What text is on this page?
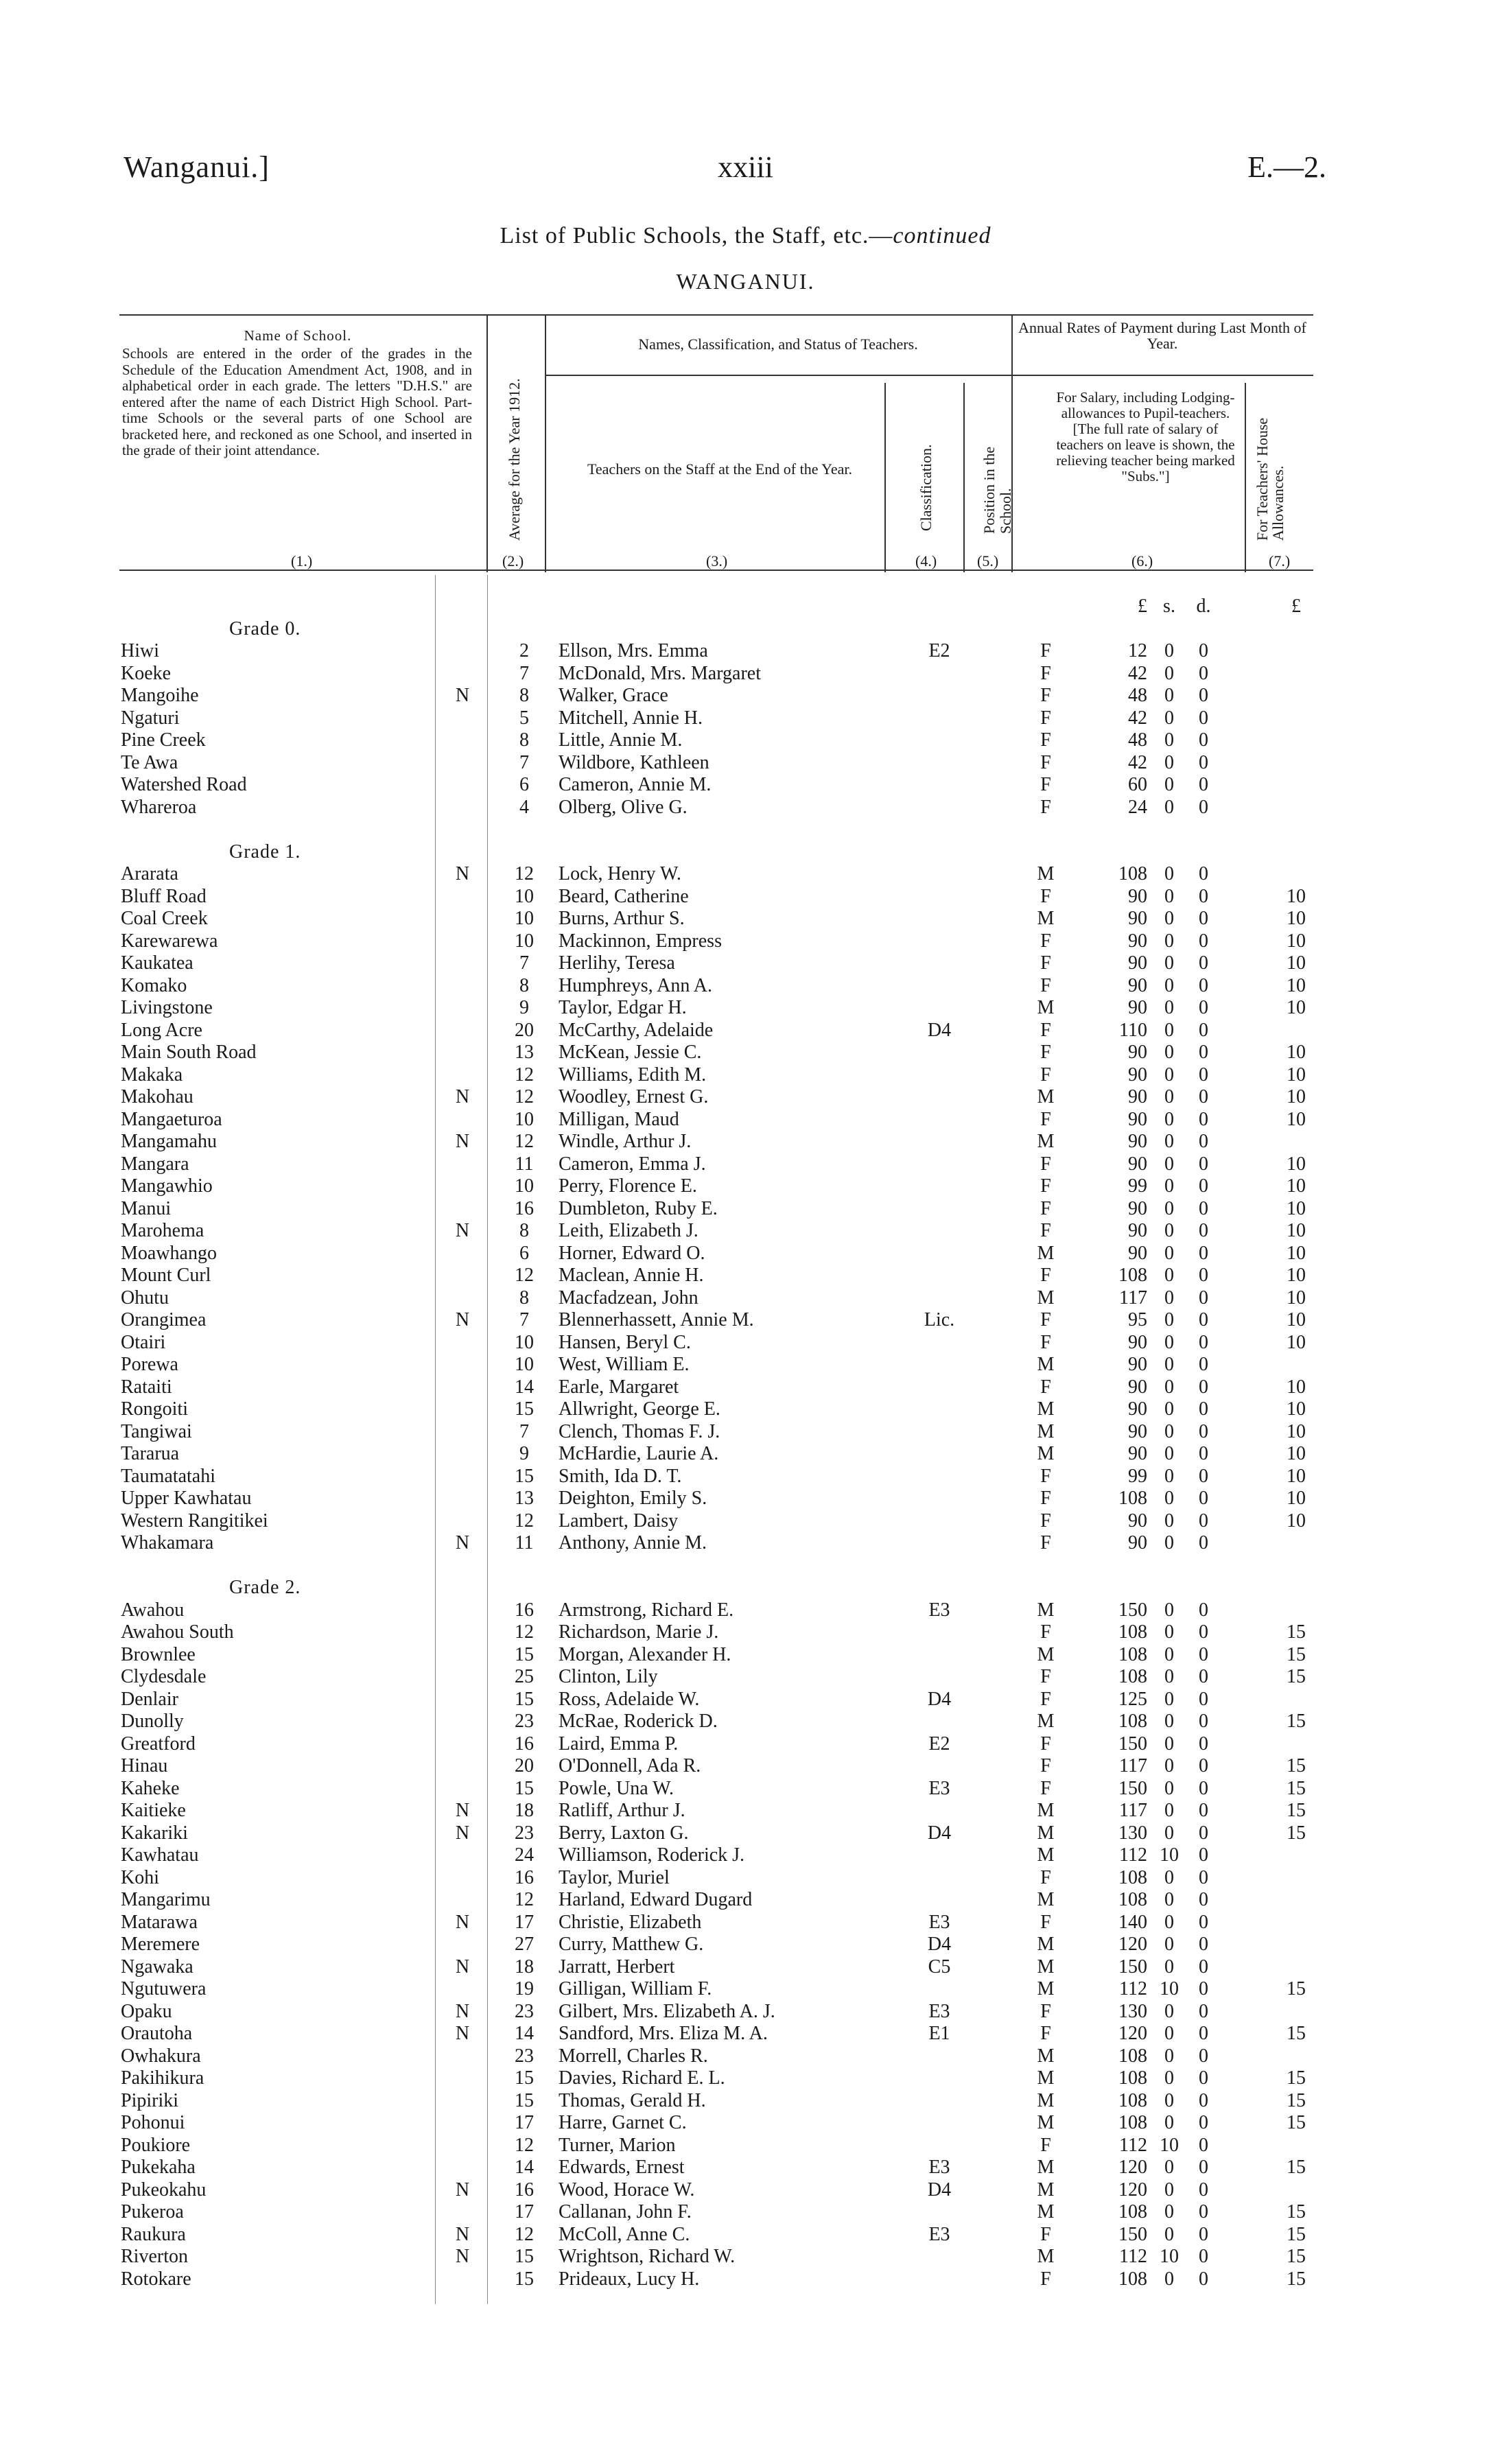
Wanganui.]	xxiii	E.—2.
List of Public Schools, the Staff, etc.—continued
WANGANUI.
Name of School.
Schools are entered in the order of the grades in the Schedule of the Education Amendment Act, 1908, and in alphabetical order in each grade. The letters "D.H.S." are entered after the name of each District High School. Part-time Schools or the several parts of one School are bracketed here, and reckoned as one School, and inserted in the grade of their joint attendance.	Average for the Year 1912.
Names, Classification, and Status of Teachers.
Teachers on the Staff at the End of the Year.	Classification.	Position in the School.
Annual Rates of Payment during Last Month of Year.
For Salary, including Lodging-allowances to Pupil-teachers. [The full rate of salary of teachers on leave is shown, the relieving teacher being marked "Subs."]	For Teachers' House Allowances.
(1.)	(2.)	(3.)	(4.)	(5.)	(6.)	(7.)
£ s.	d.	£
Grade 0.
Hiwi	2	Ellson, Mrs. Emma	E2	F	12 0	0
Koeke	7	McDonald, Mrs. Margaret	F	42 0	0
Mangoihe	N	8	Walker, Grace	F	48 0	0
Ngaturi	5	Mitchell, Annie H.	F	42 0	0
Pine Creek	8	Little, Annie M.	F	48 0	0
Te Awa	7	Wildbore, Kathleen	F	42 0	0
Watershed Road	6	Cameron, Annie M.	F	60 0	0
Whareroa	4	Olberg, Olive G.	F	24 0	0
Grade 1.
Ararata	N	12	Lock, Henry W.	M	108 0	0
Bluff Road	10	Beard, Catherine	F	90 0	0	10
Coal Creek	10	Burns, Arthur S.	M	90 0	0	10
Karewarewa	10	Mackinnon, Empress	F	90 0	0	10
Kaukatea	7	Herlihy, Teresa	F	90 0	0	10
Komako	8	Humphreys, Ann A.	F	90 0	0	10
Livingstone	9	Taylor, Edgar H.	M	90 0	0	10
Long Acre	20	McCarthy, Adelaide	D4	F	110 0	0
Main South Road	13	McKean, Jessie C.	F	90 0	0	10
Makaka	12	Williams, Edith M.	F	90 0	0	10
Makohau	N	12	Woodley, Ernest G.	M	90 0	0	10
Mangaeturoa	10	Milligan, Maud	F	90 0	0	10
Mangamahu	N	12	Windle, Arthur J.	M	90 0	0
Mangara	11	Cameron, Emma J.	F	90 0	0	10
Mangawhio	10	Perry, Florence E.	F	99 0	0	10
Manui	16	Dumbleton, Ruby E.	F	90 0	0	10
Marohema	N	8	Leith, Elizabeth J.	F	90 0	0	10
Moawhango	6	Horner, Edward O.	M	90 0	0	10
Mount Curl	12	Maclean, Annie H.	F	108 0	0	10
Ohutu	8	Macfadzean, John	M	117 0	0	10
Orangimea	N	7	Blennerhassett, Annie M.	Lic.	F	95 0	0	10
Otairi	10	Hansen, Beryl C.	F	90 0	0	10
Porewa	10	West, William E.	M	90 0	0
Rataiti	14	Earle, Margaret	F	90 0	0	10
Rongoiti	15	Allwright, George E.	M	90 0	0	10
Tangiwai	7	Clench, Thomas F. J.	M	90 0	0	10
Tararua	9	McHardie, Laurie A.	M	90 0	0	10
Taumatatahi	15	Smith, Ida D. T.	F	99 0	0	10
Upper Kawhatau	13	Deighton, Emily S.	F	108 0	0	10
Western Rangitikei	12	Lambert, Daisy	F	90 0	0	10
Whakamara	N	11	Anthony, Annie M.	F	90 0	0
Grade 2.
Awahou	16	Armstrong, Richard E.	E3	M	150 0	0
Awahou South	12	Richardson, Marie J.	F	108 0	0	15
Brownlee	15	Morgan, Alexander H.	M	108 0	0	15
Clydesdale	25	Clinton, Lily	F	108 0	0	15
Denlair	15	Ross, Adelaide W.	D4	F	125 0	0
Dunolly	23	McRae, Roderick D.	M	108 0	0	15
Greatford	16	Laird, Emma P.	E2	F	150 0	0
Hinau	20	O'Donnell, Ada R.	F	117 0	0	15
Kaheke	15	Powle, Una W.	E3	F	150 0	0	15
Kaitieke	N	18	Ratliff, Arthur J.	M	117 0	0	15
Kakariki	N	23	Berry, Laxton G.	D4	M	130 0	0	15
Kawhatau	24	Williamson, Roderick J.	M	112 10	0
Kohi	16	Taylor, Muriel	F	108 0	0
Mangarimu	12	Harland, Edward Dugard	M	108 0	0
Matarawa	N	17	Christie, Elizabeth	E3	F	140 0	0
Meremere	27	Curry, Matthew G.	D4	M	120 0	0
Ngawaka	N	18	Jarratt, Herbert	C5	M	150 0	0
Ngutuwera	19	Gilligan, William F.	M	112 10	0	15
Opaku	N	23	Gilbert, Mrs. Elizabeth A. J.	E3	F	130 0	0
Orautoha	N	14	Sandford, Mrs. Eliza M. A.	E1	F	120 0	0	15
Owhakura	23	Morrell, Charles R.	M	108 0	0
Pakihikura	15	Davies, Richard E. L.	M	108 0	0	15
Pipiriki	15	Thomas, Gerald H.	M	108 0	0	15
Pohonui	17	Harre, Garnet C.	M	108 0	0	15
Poukiore	12	Turner, Marion	F	112 10	0
Pukekaha	14	Edwards, Ernest	E3	M	120 0	0	15
Pukeokahu	N	16	Wood, Horace W.	D4	M	120 0	0
Pukeroa	17	Callanan, John F.	M	108 0	0	15
Raukura	N	12	McColl, Anne C.	E3	F	150 0	0	15
Riverton	N	15	Wrightson, Richard W.	M	112 10	0	15
Rotokare	15	Prideaux, Lucy H.	F	108 0	0	15
